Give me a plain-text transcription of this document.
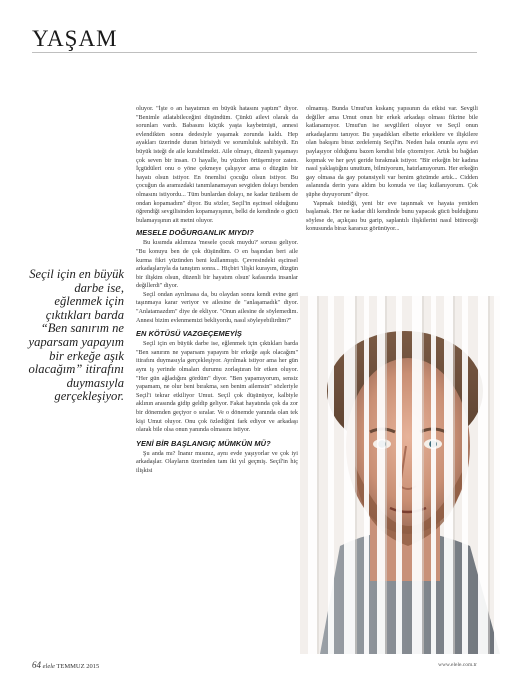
YAŞAM
Seçil için en büyük darbe ise, eğlenmek için çıktıkları barda “Ben sanırım ne yaparsam yapayım bir erkeğe aşık olacağım” itirafını duymasıyla gerçekleşiyor.

oluyor. "İşte o an hayatımın en büyük hatasını yaptım" diyor. "Benimle atlatabileceğini düşündüm. Çünkü ailevi olarak da sorunları vardı. Babasını küçük yaşta kaybetmişti, annesi evlendikten sonra dedesiyle yaşamak zorunda kaldı. Hep ayakları üzerinde duran birisiydi ve sorumluluk sahibiydi. En büyük isteği de aile kurabilmekti. Aile olmayı, düzenli yaşamayı çok seven bir insan. O hayalle, bu yüzden örtüşemiyor zaten. İçgüdüleri onu o yöne çekmeye çalışıyor ama o düzgün bir hayatı olsun istiyor. En önemlisi çocuğu olsun istiyor. Bu çocuğun da aramızdaki tanımlanamayan sevgiden dolayı benden olmasını istiyordu... Tüm bunlardan dolayı, ne kadar üzülsem de ondan kopamadım" diyor. Bu sözler, Seçil'in eşcinsel olduğunu öğrendiği sevgilisinden kopamayışının, belki de kendinde o gücü bulamayışının ait metni oluyor.

MESELE DOĞURGANLIK MIYDI?

Bu kısımda aklımıza 'mesele çocuk muydu?' sorusu geliyor. "Bu konuyu ben de çok düşündüm. O en başından beri aile kurma fikri yüzünden beni kullanmıştı. Çevresindeki eşcinsel arkadaşlarıyla da tanıştım sonra... Hiçbiri 'ilişki kurayım, düzgün bir ilişkim olsun, düzenli bir hayatım olsun' kafasında insanlar değillerdi" diyor.

Seçil ondan ayrılmasa da, bu olaydan sonra kendi evine geri taşınmaya karar veriyor ve ailesine de "anlaşamadık" diyor. "Anlatamazdım" diye de ekliyor. "Onun ailesine de söylemedim. Annesi bizim evlenmemizi bekliyordu, nasıl söyleyebilirdim?"

EN KÖTÜSÜ VAZGEÇEMEYİŞ

Seçil için en büyük darbe ise, eğlenmek için çıktıkları barda "Ben sanırım ne yaparsam yapayım bir erkeğe aşık olacağım" itirafını duymasıyla gerçekleşiyor. Ayrılmak istiyor ama her gün aynı iş yerinde olmaları durumu zorlaştıran bir etken oluyor. "Her gün ağladığını gördüm" diyor. "Ben yapamıyorum, sensiz yapamam, ne olur beni bırakma, sen benim ailemsin" sözleriyle Seçil'i tekrar etkiliyor Umut. Seçil çok düşünüyor, kalbiyle aklının arasında gidip geldip geliyor. Fakat hayatında çok da zor bir dönemden geçiyor o sıralar. Ve o dönemde yanında olan tek kişi Umut oluyor. Onu çok özlediğini fark ediyor ve arkadaşı olarak bile olsa onun yanında olmasını istiyor.

YENİ BİR BAŞLANGIÇ MÜMKÜN MÜ?

Şu anda mı? İnanır mısınız, aynı evde yaşıyorlar ve çok iyi arkadaşlar. Olayların üzerinden tam iki yıl geçmiş. Seçil'in hiç ilişkisi

olmamış. Bunda Umut'un kıskanç yapısının da etkisi var. Sevgili değiller ama Umut onun bir erkek arkadaşı olması fikrine bile katlanamıyor. Umut'un ise sevgilileri oluyor ve Seçil onun arkadaşlarını tanıyor. Bu yaşadıkları elbette erkeklere ve ilişkilere olan bakışını biraz zedelemiş Seçil'in. Neden hala onunla aynı evi paylaşıyor olduğunu bazen kendisi bile çözemiyor. Artık bu bağdan kopmak ve her şeyi geride bırakmak istiyor. "Bir erkeğin bir kadına nasıl yaklaştığını unuttum, bilmiyorum, hatırlamıyorum. Her erkeğin gay olmasa da gay potansiyeli var benim gözümde artık... Cidden aslanında derin yara aldım bu konuda ve ilaç kullanıyorum. Çok şüphe duyuyorum" diyor.

Yapmak istediği, yeni bir eve taşınmak ve hayata yeniden başlamak. Her ne kadar dili kendinde bunu yapacak gücü bulduğunu söylese de, açıkçası bu garip, saplantılı ilişkilerini nasıl bitireceği konusunda biraz kararsız görünüyor...

64 elele TEMMUZ 2015	www.elele.com.tr
